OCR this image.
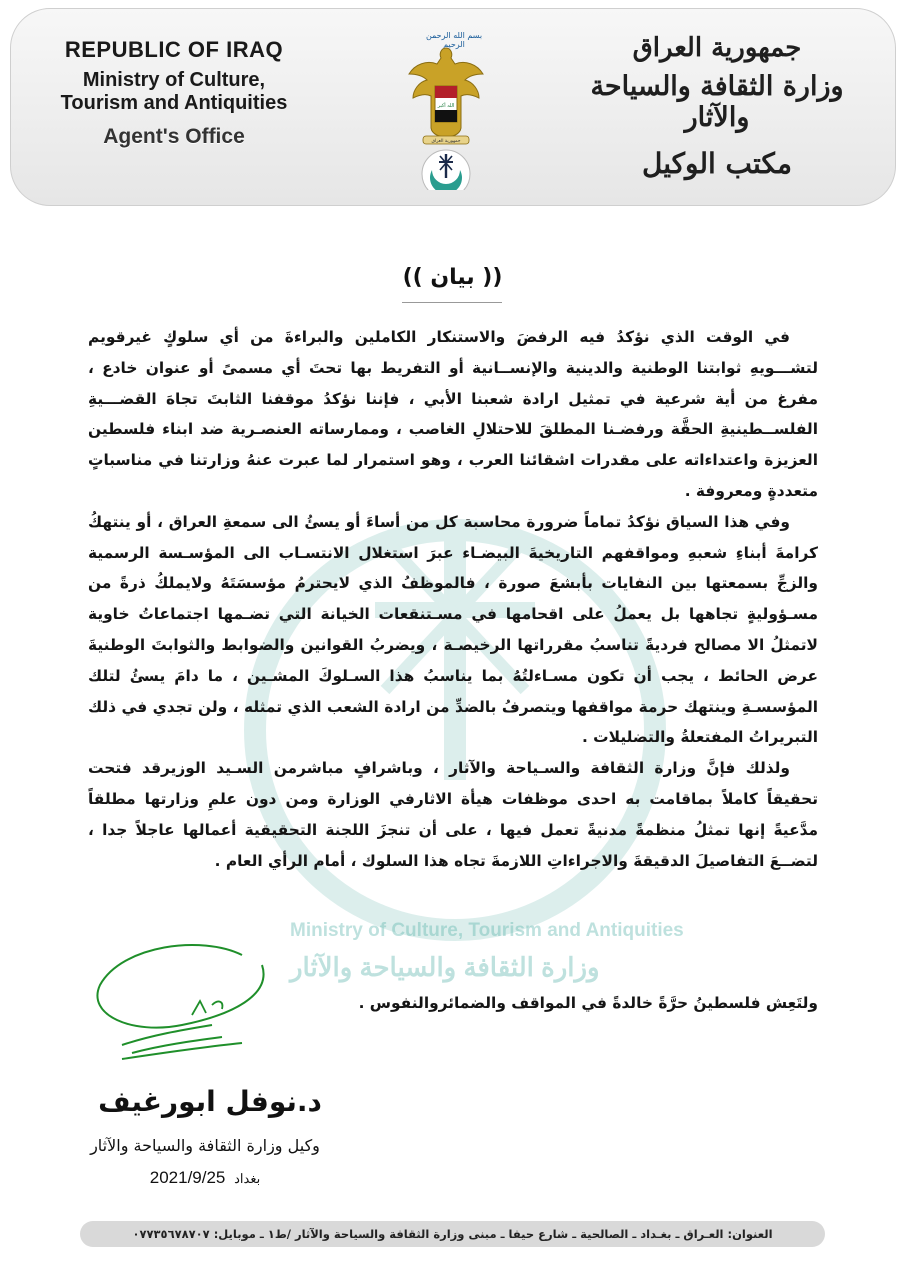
REPUBLIC OF IRAQ
Ministry of Culture,
Tourism and Antiquities
Agent's Office
جمهورية العراق
وزارة الثقافة والسياحة والآثار
مكتب الوكيل
بسم الله الرحمن الرحيم
الله أكبر
جمهورية العراق
Ministry of Culture, Tourism and Antiquities
وزارة الثقافة والسياحة والآثار
(( بيان ))

في الوقت الذي نؤكدُ فيه الرفضَ والاستنكار الكاملين والبراءةَ من أي سلوكٍ غيرقويم لتشـــويهِ ثوابتنا الوطنية والدينية والإنســانية أو التفريط بها تحتَ أي مسمىً أو عنوان خادع ، مفرغ من أية شرعية في تمثيل ارادة شعبنا الأبي ، فإننا نؤكدُ موقفنا الثابتَ تجاهَ القضـــيةِ الفلســطينيةِ الحقَّة ورفضـنا المطلقَ للاحتلالِ الغاصب ، وممارساته العنصـرية ضد ابناء فلسطين العزيزة واعتداءاته على مقدرات اشقائنا العرب ، وهو استمرار لما عبرت عنهُ وزارتنا في مناسباتٍ متعددةٍ ومعروفة .

وفي هذا السياق نؤكدُ تماماً ضرورة محاسبة كل من أساءَ أو يسئُ الى سمعةِ العراق ، أو ينتهكُ كرامةَ أبناءِ شعبهِ ومواقفهم التاريخيةَ البيضـاء عبرَ استغلال الانتسـاب الى المؤسـسة الرسمية والزجِّ بسمعتها بين النفايات بأبشعَ صورة ، فالموظفُ الذي لايحترمُ مؤسسَتَهُ ولايملكُ ذرةً من مسـؤوليةٍ تجاهها بل يعملُ على اقحامها في مسـتنقعات الخيانة التي تضـمها اجتماعاتُ خاوية لاتمثلُ الا مصالح فرديةً تناسبُ مقرراتها الرخيصـة ، ويضربُ القوانين والضوابط والثوابتَ الوطنيةَ عرض الحائط ، يجب أن تكون مسـاءلتُهُ بما يناسبُ هذا السـلوكَ المشـين ، ما دامَ يسئُ لتلك المؤسسـةِ وينتهك حرمة مواقفها ويتصرفُ بالضدِّ من ارادة الشعب الذي تمثله ، ولن تجدي في ذلك التبريراتُ المفتعلةُ والتضليلات .

ولذلك فإنَّ وزارة الثقافة والسـياحة والآثار ، وباشرافٍ مباشرمن السـيد الوزيرقد فتحت تحقيقاً كاملاً بماقامت به احدى موظفات هيأة الاثارفي الوزارة ومن دون علمِ وزارتها مطلقاً مدَّعيةً إنها تمثلُ منظمةً مدنيةً تعمل فيها ، على أن تنجزَ اللجنة التحقيقية أعمالها عاجلاً جدا ، لتضــعَ التفاصيلَ الدقيقةَ والاجراءاتِ اللازمةَ تجاه هذا السلوك ، أمام الرأي العام .

ولتَعِش فلسطينُ حرَّةً خالدةً في المواقف والضمائروالنفوس .
د.نوفل ابورغيف
وكيل وزارة الثقافة والسياحة والآثار
2021/9/25 بغداد
العنوان: العـراق ـ بغـداد ـ الصالحية ـ شارع حيفا ـ مبنى وزارة الثقافة والسياحة والآثار /ط١ ـ موبايل: ٠٧٧٣٥٦٧٨٧٠٧
